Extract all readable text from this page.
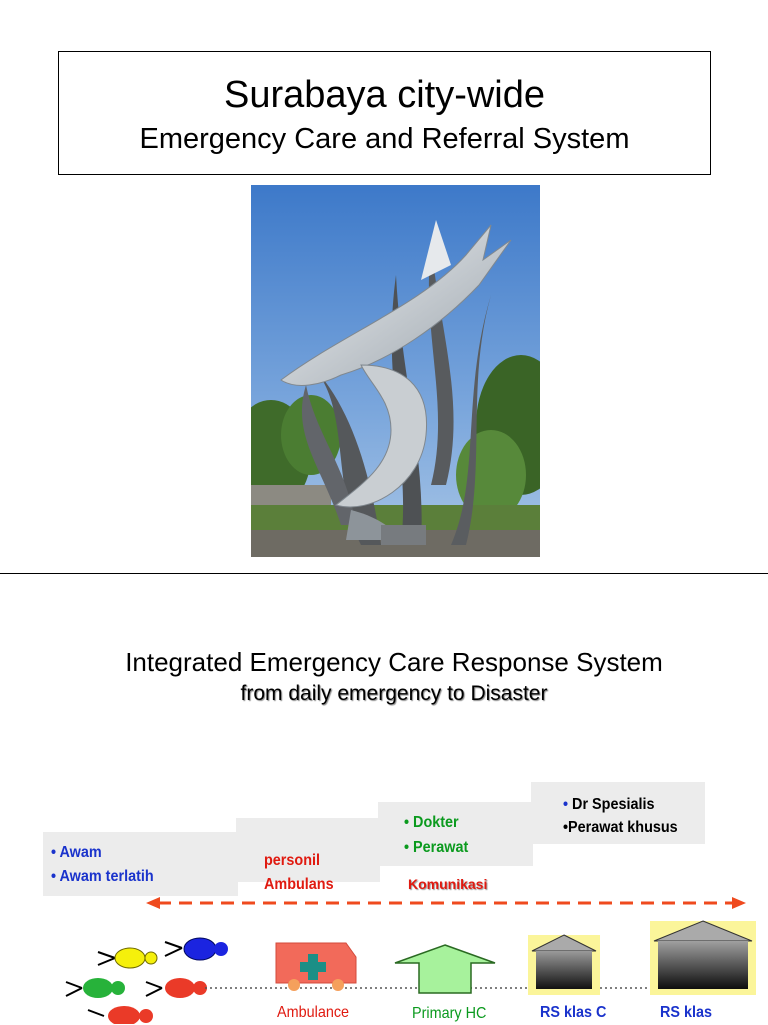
Surabaya city-wide
Emergency Care and Referral System
Integrated Emergency Care Response System
from daily emergency to Disaster
• Awam
• Awam terlatih
personil
Ambulans
• Dokter
• Perawat
• Dr Spesialis
•Perawat khusus
Komunikasi
Ambulance	Primary HC	RS klas C	RS klas
